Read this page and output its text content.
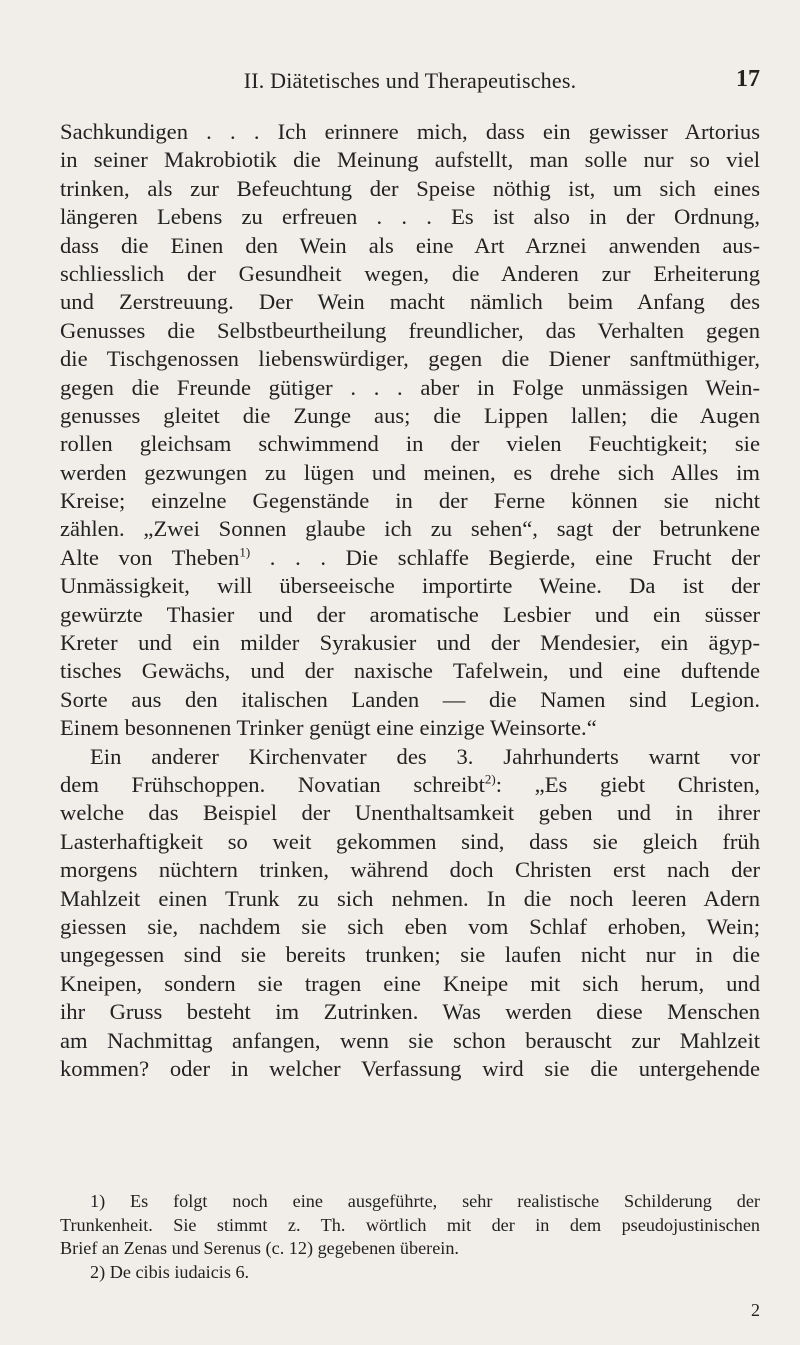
II. Diätetisches und Therapeutisches.	17
Sachkundigen . . . Ich erinnere mich, dass ein gewisser Artorius
in seiner Makrobiotik die Meinung aufstellt, man solle nur so viel
trinken, als zur Befeuchtung der Speise nöthig ist, um sich eines
längeren Lebens zu erfreuen . . . Es ist also in der Ordnung,
dass die Einen den Wein als eine Art Arznei anwenden aus-
schliesslich der Gesundheit wegen, die Anderen zur Erheiterung
und Zerstreuung. Der Wein macht nämlich beim Anfang des
Genusses die Selbstbeurtheilung freundlicher, das Verhalten gegen
die Tischgenossen liebenswürdiger, gegen die Diener sanftmüthiger,
gegen die Freunde gütiger . . . aber in Folge unmässigen Wein-
genusses gleitet die Zunge aus; die Lippen lallen; die Augen
rollen gleichsam schwimmend in der vielen Feuchtigkeit; sie
werden gezwungen zu lügen und meinen, es drehe sich Alles im
Kreise; einzelne Gegenstände in der Ferne können sie nicht
zählen. „Zwei Sonnen glaube ich zu sehen“, sagt der betrunkene
Alte von Theben$^{1)}$ . . . Die schlaffe Begierde, eine Frucht der
Unmässigkeit, will überseeische importirte Weine. Da ist der
gewürzte Thasier und der aromatische Lesbier und ein süsser
Kreter und ein milder Syrakusier und der Mendesier, ein ägyp-
tisches Gewächs, und der naxische Tafelwein, und eine duftende
Sorte aus den italischen Landen — die Namen sind Legion.
Einem besonnenen Trinker genügt eine einzige Weinsorte.“
Ein anderer Kirchenvater des 3. Jahrhunderts warnt vor
dem Frühschoppen. Novatian schreibt$^{2)}$: „Es giebt Christen,
welche das Beispiel der Unenthaltsamkeit geben und in ihrer
Lasterhaftigkeit so weit gekommen sind, dass sie gleich früh
morgens nüchtern trinken, während doch Christen erst nach der
Mahlzeit einen Trunk zu sich nehmen. In die noch leeren Adern
giessen sie, nachdem sie sich eben vom Schlaf erhoben, Wein;
ungegessen sind sie bereits trunken; sie laufen nicht nur in die
Kneipen, sondern sie tragen eine Kneipe mit sich herum, und
ihr Gruss besteht im Zutrinken. Was werden diese Menschen
am Nachmittag anfangen, wenn sie schon berauscht zur Mahlzeit
kommen? oder in welcher Verfassung wird sie die untergehende
1) Es folgt noch eine ausgeführte, sehr realistische Schilderung der
Trunkenheit. Sie stimmt z. Th. wörtlich mit der in dem pseudojustinischen
Brief an Zenas und Serenus (c. 12) gegebenen überein.
2) De cibis iudaicis 6.
2
